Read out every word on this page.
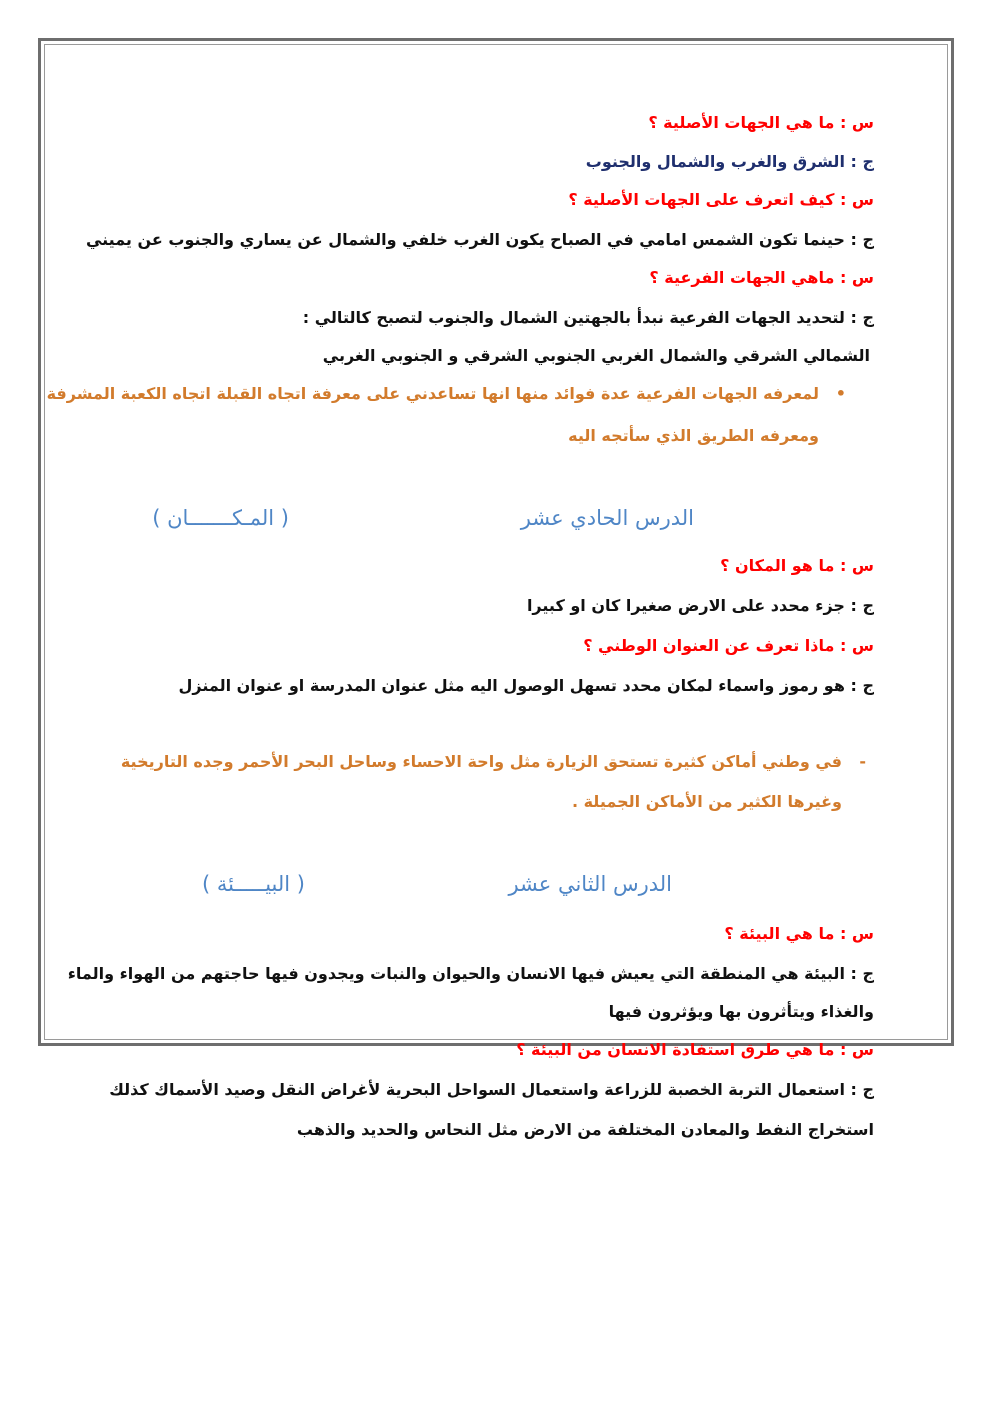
س : ما هي الجهات الأصلية ؟
ج : الشرق والغرب والشمال والجنوب
س : كيف اتعرف على الجهات الأصلية ؟
ج : حينما تكون الشمس امامي في الصباح يكون الغرب خلفي والشمال عن يساري والجنوب عن يميني
س : ماهي الجهات الفرعية ؟
ج : لتحديد الجهات الفرعية نبدأ بالجهتين الشمال والجنوب لتصبح كالتالي :
الشمالي الشرقي والشمال الغربي الجنوبي الشرقي و الجنوبي الغربي
•
لمعرفه الجهات الفرعية عدة فوائد منها انها تساعدني على معرفة اتجاه القبلة اتجاه الكعبة المشرفة
ومعرفه الطريق الذي سأتجه اليه
الدرس الحادي عشر
( المـكـــــــان )
س : ما هو المكان ؟
ج : جزء محدد على الارض صغيرا كان او كبيرا
س : ماذا تعرف عن العنوان الوطني ؟
ج : هو رموز واسماء لمكان محدد تسهل الوصول اليه مثل عنوان المدرسة او عنوان المنزل
-
في وطني أماكن كثيرة تستحق الزيارة مثل واحة الاحساء وساحل البحر الأحمر وجده التاريخية
وغيرها الكثير من الأماكن الجميلة .
الدرس الثاني عشر
( البيـــــئة )
س : ما هي البيئة ؟
ج : البيئة هي المنطقة التي يعيش فيها الانسان والحيوان والنبات ويجدون فيها حاجتهم من الهواء والماء
والغذاء ويتأثرون بها ويؤثرون فيها
س : ما هي طرق استفادة الانسان من البيئة ؟
ج : استعمال التربة الخصبة للزراعة واستعمال السواحل البحرية لأغراض النقل وصيد الأسماك كذلك
استخراج النفط والمعادن المختلفة من الارض مثل النحاس والحديد والذهب
